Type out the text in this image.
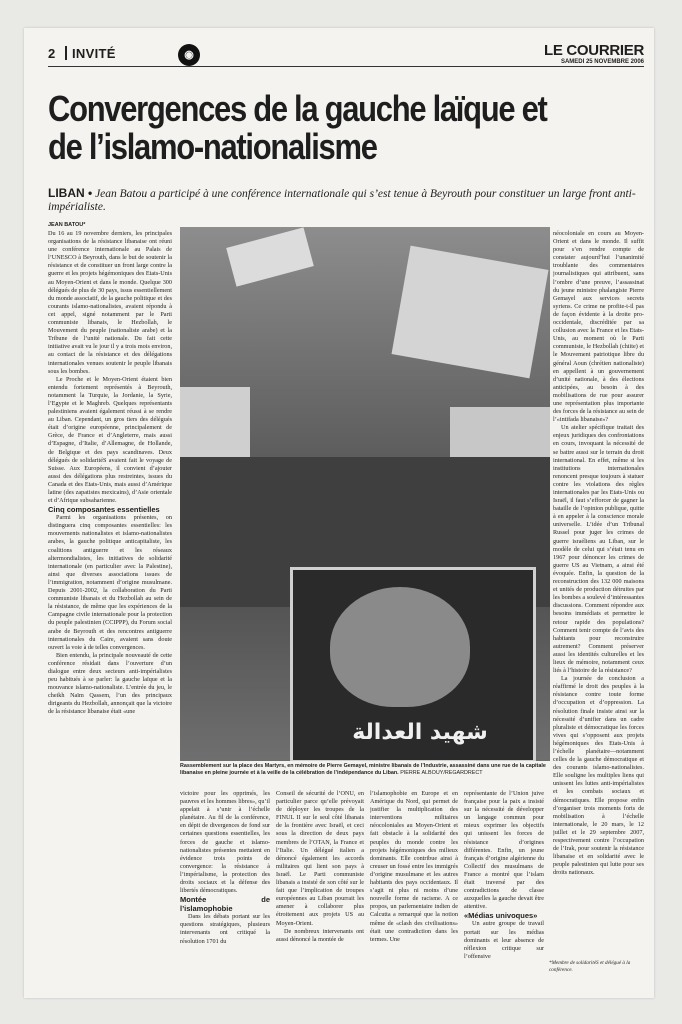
2 INVITÉ	◉	LE COURRIER
SAMEDI 25 NOVEMBRE 2006
Convergences de la gauche laïque et de l’islamo-nationalisme
LIBAN • Jean Batou a participé à une conférence internationale qui s’est tenue à Beyrouth pour constituer un large front anti-impérialiste.
JEAN BATOU*

Du 16 au 19 novembre derniers, les principales organisations de la résistance libanaise ont réuni une conférence internationale au Palais de l’UNESCO à Beyrouth, dans le but de soutenir la résistance et de constituer un front large contre la guerre et les projets hégémoniques des Etats-Unis au Moyen-Orient et dans le monde. Quelque 300 délégués de plus de 30 pays, issus essentiellement du monde associatif, de la gauche politique et des courants islamo-nationalistes, avaient répondu à cet appel, signé notamment par le Parti communiste libanais, le Hezbollah, le Mouvement du peuple (nationaliste arabe) et la Tribune de l’unité nationale. Du fait cette initiative avait vu le jour il y a trois mois environ, au contact de la résistance et des délégations internationales venues soutenir le peuple libanais sous les bombes.

Le Proche et le Moyen-Orient étaient bien entendu fortement représentés à Beyrouth, notamment la Turquie, la Jordanie, la Syrie, l’Egypte et le Maghreb. Quelques représentants palestiniens avaient également réussi à se rendre au Liban. Cependant, un gros tiers des délégués était d’origine européenne, principalement de Grèce, de France et d’Angleterre, mais aussi d’Espagne, d’Italie, d’Allemagne, de Hollande, de Belgique et des pays scandinaves. Deux délégués de solidaritéS avaient fait le voyage de Suisse. Aux Européens, il convient d’ajouter aussi des délégations plus restreintes, issues du Canada et des Etats-Unis, mais aussi d’Amérique latine (des zapatistes mexicains), d’Asie orientale et d’Afrique subsaharienne.

Cinq composantes essentielles

Parmi les organisations présentes, on distinguera cinq composantes essentielles: les mouvements nationalistes et islamo-nationalistes arabes, la gauche politique anticapitaliste, les coalitions antiguerre et les réseaux altermondialistes, les initiatives de solidarité internationale (en particulier avec la Palestine), ainsi que diverses associations issues de l’immigration, notamment d’origine musulmane. Depuis 2001-2002, la collaboration du Parti communiste libanais et du Hezbollah au sein de la résistance, de même que les expériences de la Campagne civile internationale pour la protection du peuple palestinien (CCIPPP), du Forum social arabe de Beyrouth et des rencontres antiguerre internationales du Caire, avaient sans doute ouvert la voie à de telles convergences.

Bien entendu, la principale nouveauté de cette conférence résidait dans l’ouverture d’un dialogue entre deux secteurs anti-impérialistes peu habitués à se parler: la gauche laïque et la mouvance islamo-nationaliste. L’entrée du jeu, le cheikh Naïm Qassem, l’un des principaux dirigeants du Hezbollah, annonçait que la victoire de la résistance libanaise était «une

شهيد العدالة
Rassemblement sur la place des Martyrs, en mémoire de Pierre Gemayel, ministre libanais de l’Industrie, assassiné dans une rue de la capitale libanaise en pleine journée et à la veille de la célébration de l’indépendance du Liban. PIERRE ALBOUY/REGARDRECT

victoire pour les opprimés, les pauvres et les hommes libres», qu’il appelait à s’unir à l’échelle planétaire. Au fil de la conférence, en dépit de divergences de fond sur certaines questions essentielles, les forces de gauche et islamo-nationalistes présentes mettaient en évidence trois points de convergence: la résistance à l’impérialisme, la protection des droits sociaux et la défense des libertés démocratiques.

Montée de l’islamophobie

Dans les débats portant sur les questions stratégiques, plusieurs intervenants ont critiqué la résolution 1701 du

Conseil de sécurité de l’ONU, en particulier parce qu’elle prévoyait de déployer les troupes de la FINUL II sur le seul côté libanais de la frontière avec Israël, et ceci sous la direction de deux pays membres de l’OTAN, la France et l’Italie. Un délégué italien a dénoncé également les accords militaires qui lient son pays à Israël. Le Parti communiste libanais a insisté de son côté sur le fait que l’implication de troupes européennes au Liban pourrait les amener à collaborer plus étroitement aux projets US au Moyen-Orient.

De nombreux intervenants ont aussi dénoncé la montée de

l’islamophobie en Europe et en Amérique du Nord, qui permet de justifier la multiplication des interventions militaires néocoloniales au Moyen-Orient et fait obstacle à la solidarité des peuples du monde contre les projets hégémoniques des milieux dominants. Elle contribue ainsi à creuser un fossé entre les immigrés d’origine musulmane et les autres habitants des pays occidentaux. Il s’agit ni plus ni moins d’une nouvelle forme de racisme. A ce propos, un parlementaire indien de Calcutta a remarqué que la notion même de «clash des civilisations» était une contradiction dans les termes. Une

représentante de l’Union juive française pour la paix a insisté sur la nécessité de développer un langage commun pour mieux exprimer les objectifs qui unissent les forces de résistance d’origines différentes. Enfin, un jeune français d’origine algérienne du Collectif des musulmans de France a montré que l’islam était traversé par des contradictions de classe auxquelles la gauche devait être attentive.

«Médias univoques»

Un autre groupe de travail portait sur les médias dominants et leur absence de réflexion critique sur l’offensive

néocoloniale en cours au Moyen-Orient et dans le monde. Il suffit pour s’en rendre compte de constater aujourd’hui l’unanimité troublante des commentaires journalistiques qui attribuent, sans l’ombre d’une preuve, l’assassinat du jeune ministre phalangiste Pierre Gemayel aux services secrets syriens. Ce crime ne profite-t-il pas de façon évidente à la droite pro-occidentale, discréditée par sa collusion avec la France et les Etats-Unis, au moment où le Parti communiste, le Hezbollah (chiite) et le Mouvement patriotique libre du général Aoun (chrétien nationaliste) en appellent à un gouvernement d’unité nationale, à des élections anticipées, au besoin à des mobilisations de rue pour assurer une représentation plus importante des forces de la résistance au sein de l’«intifada libanaise»?

Un atelier spécifique traitait des enjeux juridiques des confrontations en cours, invoquant la nécessité de se battre aussi sur le terrain du droit international. En effet, même si les institutions internationales renoncent presque toujours à statuer contre les violations des règles internationales par les Etats-Unis ou Israël, il faut s’efforcer de gagner la bataille de l’opinion publique, quitte à en appeler à la conscience morale universelle. L’idée d’un Tribunal Russel pour juger les crimes de guerre israéliens au Liban, sur le modèle de celui qui s’était tenu en 1967 pour dénoncer les crimes de guerre US au Vietnam, a ainsi été évoquée. Enfin, la question de la reconstruction des 132 000 maisons et unités de production détruites par les bombes a soulevé d’intéressantes discussions. Comment répondre aux besoins immédiats et permettre le retour rapide des populations? Comment tenir compte de l’avis des habitants pour reconstruire autrement? Comment préserver aussi les identités culturelles et les lieux de mémoire, notamment ceux liés à l’histoire de la résistance?

La journée de conclusion a réaffirmé le droit des peuples à la résistance contre toute forme d’occupation et d’oppression. La résolution finale insiste ainsi sur la nécessité d’unifier dans un cadre pluraliste et démocratique les forces vives qui s’opposent aux projets hégémoniques des Etats-Unis à l’échelle planétaire—notamment celles de la gauche démocratique et des courants islamo-nationalistes. Elle souligne les multiples liens qui unissent les luttes anti-impérialistes et les combats sociaux et démocratiques. Elle propose enfin d’organiser trois moments forts de mobilisation à l’échelle internationale, le 20 mars, le 12 juillet et le 29 septembre 2007, respectivement contre l’occupation de l’Irak, pour soutenir la résistance libanaise et en solidarité avec le peuple palestinien qui lutte pour ses droits nationaux.

*Membre de solidaritéS et délégué à la conférence.
